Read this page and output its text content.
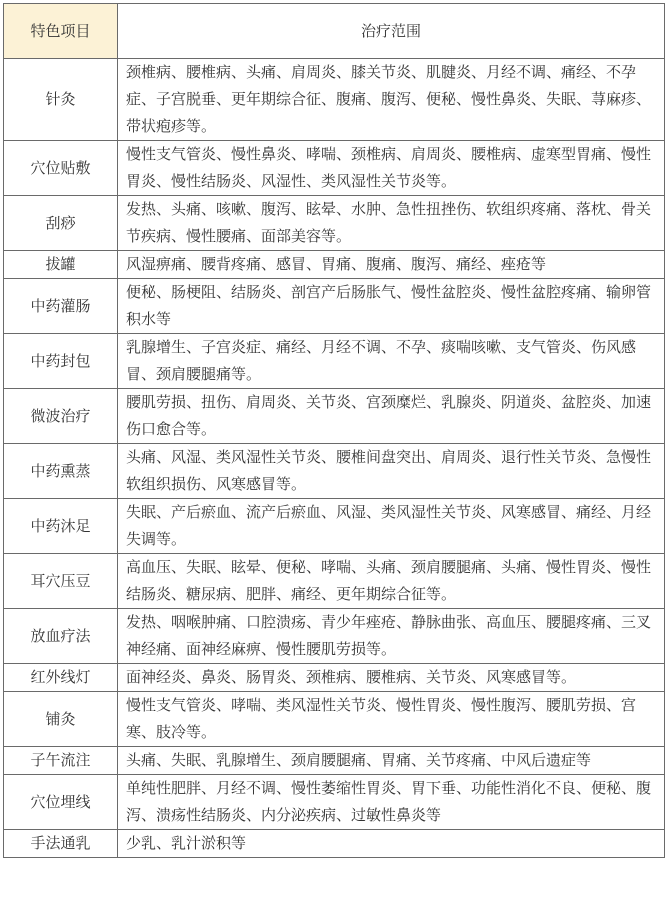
特色项目	治疗范围
针灸	颈椎病、腰椎病、头痛、肩周炎、膝关节炎、肌腱炎、月经不调、痛经、不孕症、子宫脱垂、更年期综合征、腹痛、腹泻、便秘、慢性鼻炎、失眠、荨麻疹、带状疱疹等。
穴位贴敷	慢性支气管炎、慢性鼻炎、哮喘、颈椎病、肩周炎、腰椎病、虚寒型胃痛、慢性胃炎、慢性结肠炎、风湿性、类风湿性关节炎等。
刮痧	发热、头痛、咳嗽、腹泻、眩晕、水肿、急性扭挫伤、软组织疼痛、落枕、骨关节疾病、慢性腰痛、面部美容等。
拔罐	风湿痹痛、腰背疼痛、感冒、胃痛、腹痛、腹泻、痛经、痤疮等
中药灌肠	便秘、肠梗阻、结肠炎、剖宫产后肠胀气、慢性盆腔炎、慢性盆腔疼痛、输卵管积水等
中药封包	乳腺增生、子宫炎症、痛经、月经不调、不孕、痰喘咳嗽、支气管炎、伤风感冒、颈肩腰腿痛等。
微波治疗	腰肌劳损、扭伤、肩周炎、关节炎、宫颈糜烂、乳腺炎、阴道炎、盆腔炎、加速伤口愈合等。
中药熏蒸	头痛、风湿、类风湿性关节炎、腰椎间盘突出、肩周炎、退行性关节炎、急慢性软组织损伤、风寒感冒等。
中药沐足	失眠、产后瘀血、流产后瘀血、风湿、类风湿性关节炎、风寒感冒、痛经、月经失调等。
耳穴压豆	高血压、失眠、眩晕、便秘、哮喘、头痛、颈肩腰腿痛、头痛、慢性胃炎、慢性结肠炎、糖尿病、肥胖、痛经、更年期综合征等。
放血疗法	发热、咽喉肿痛、口腔溃疡、青少年痤疮、静脉曲张、高血压、腰腿疼痛、三叉神经痛、面神经麻痹、慢性腰肌劳损等。
红外线灯	面神经炎、鼻炎、肠胃炎、颈椎病、腰椎病、关节炎、风寒感冒等。
铺灸	慢性支气管炎、哮喘、类风湿性关节炎、慢性胃炎、慢性腹泻、腰肌劳损、宫寒、肢冷等。
子午流注	头痛、失眠、乳腺增生、颈肩腰腿痛、胃痛、关节疼痛、中风后遗症等
穴位埋线	单纯性肥胖、月经不调、慢性萎缩性胃炎、胃下垂、功能性消化不良、便秘、腹泻、溃疡性结肠炎、内分泌疾病、过敏性鼻炎等
手法通乳	少乳、乳汁淤积等
